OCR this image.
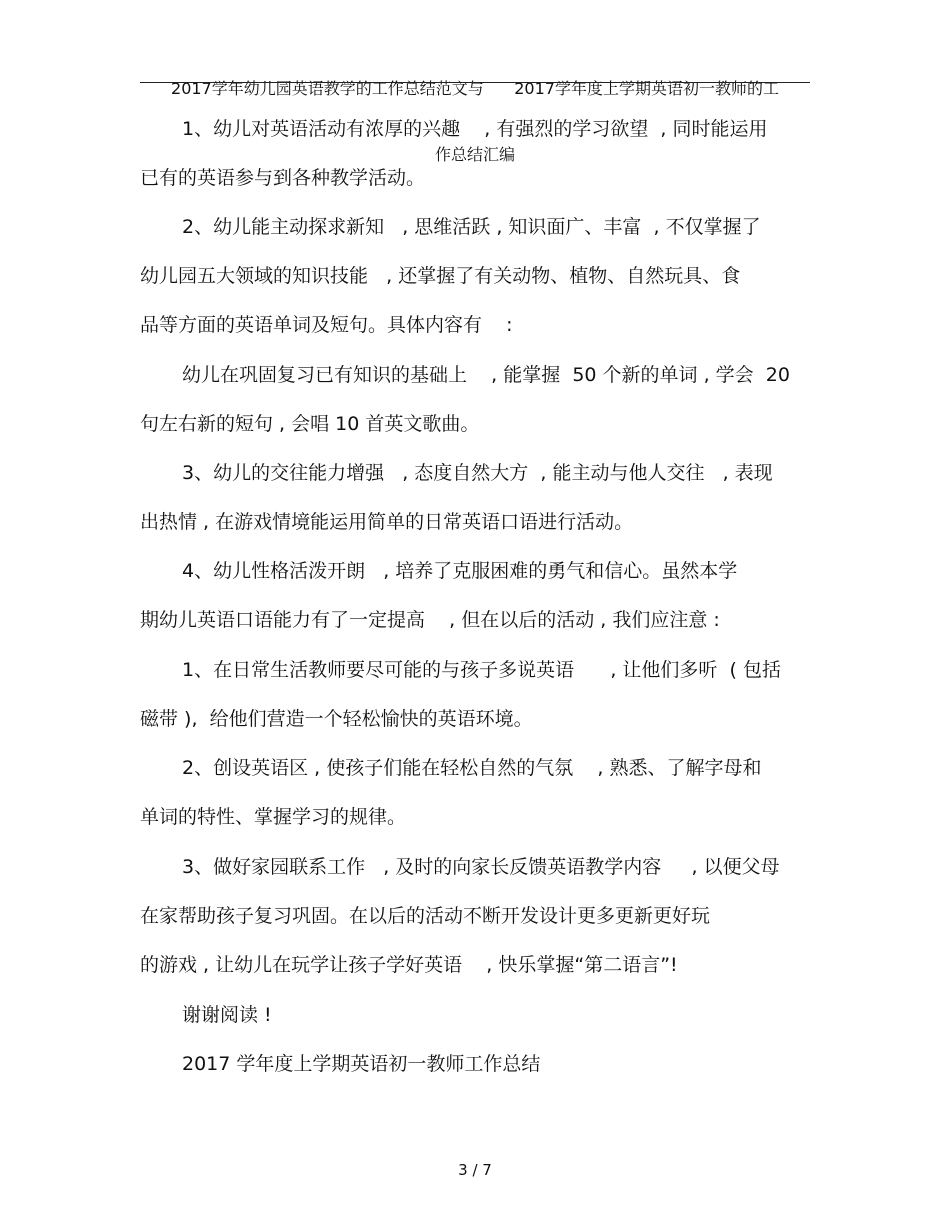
2017学年幼儿园英语教学的工作总结范文与      2017学年度上学期英语初一教师的工

作总结汇编

1、幼儿对英语活动有浓厚的兴趣    , 有强烈的学习欲望  , 同时能运用
已有的英语参与到各种教学活动。
2、幼儿能主动探求新知   , 思维活跃 , 知识面广、丰富  , 不仅掌握了
幼儿园五大领域的知识技能   , 还掌握了有关动物、植物、自然玩具、食
品等方面的英语单词及短句。具体内容有    :
幼儿在巩固复习已有知识的基础上    , 能掌握  50 个新的单词 , 学会  20
句左右新的短句 , 会唱 10 首英文歌曲。
3、幼儿的交往能力增强   , 态度自然大方  , 能主动与他人交往   , 表现
出热情 , 在游戏情境能运用简单的日常英语口语进行活动。
4、幼儿性格活泼开朗   , 培养了克服困难的勇气和信心。虽然本学
期幼儿英语口语能力有了一定提高    , 但在以后的活动 , 我们应注意 :
1、在日常生活教师要尽可能的与孩子多说英语      , 让他们多听  ( 包括
磁带 ),  给他们营造一个轻松愉快的英语环境。
2、创设英语区 , 使孩子们能在轻松自然的气氛    , 熟悉、了解字母和
单词的特性、掌握学习的规律。
3、做好家园联系工作   , 及时的向家长反馈英语教学内容     , 以便父母
在家帮助孩子复习巩固。在以后的活动不断开发设计更多更新更好玩
的游戏 , 让幼儿在玩学让孩子学好英语    , 快乐掌握“第二语言”!
谢谢阅读 !
2017 学年度上学期英语初一教师工作总结
3 / 7
